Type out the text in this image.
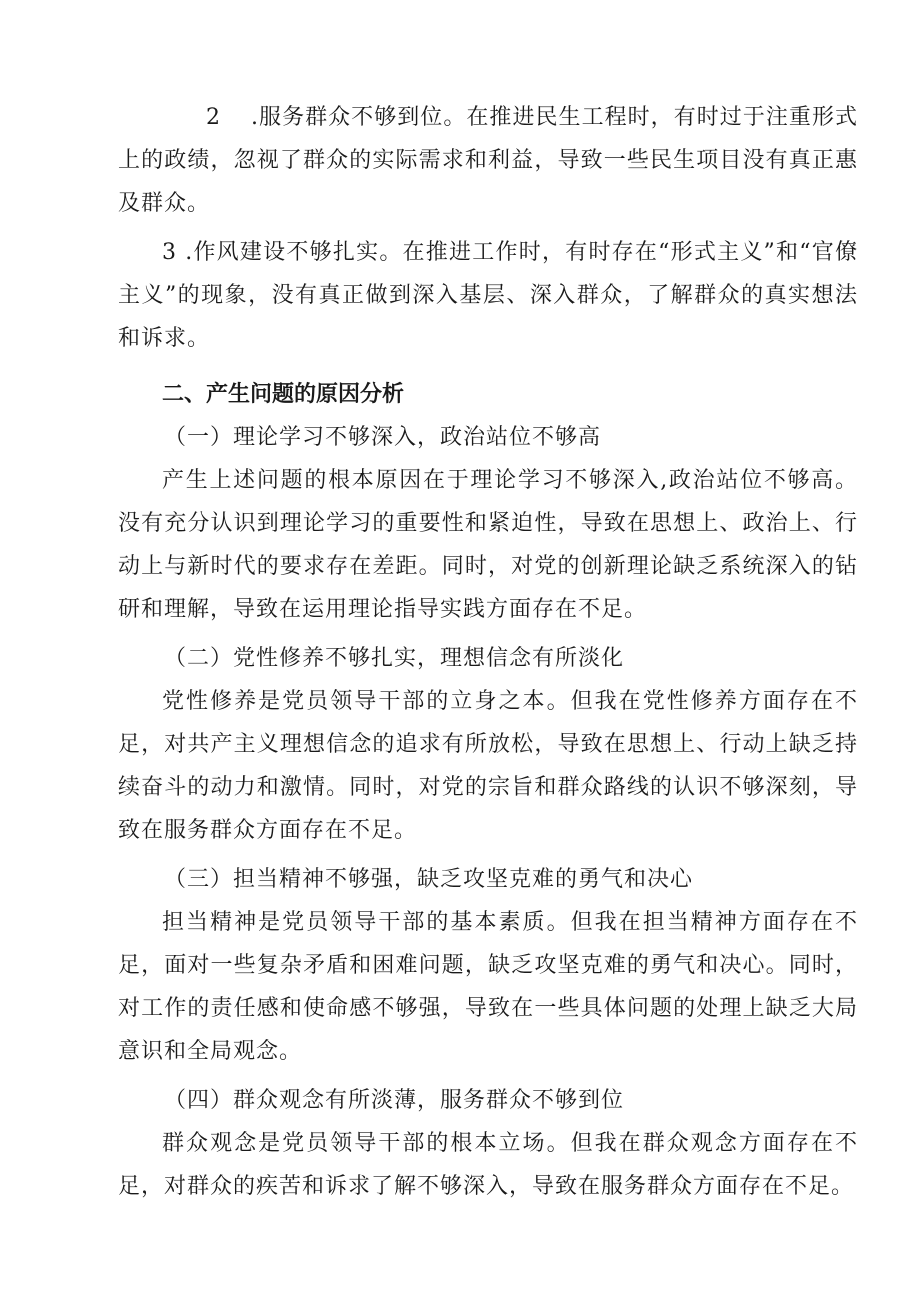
2 .服务群众不够到位。在推进民生工程时，有时过于注重形式上的政绩，忽视了群众的实际需求和利益，导致一些民生项目没有真正惠及群众。

3 .作风建设不够扎实。在推进工作时，有时存在“形式主义”和“官僚主义”的现象，没有真正做到深入基层、深入群众，了解群众的真实想法和诉求。

二、产生问题的原因分析

（一）理论学习不够深入，政治站位不够高

产生上述问题的根本原因在于理论学习不够深入,政治站位不够高。没有充分认识到理论学习的重要性和紧迫性，导致在思想上、政治上、行动上与新时代的要求存在差距。同时，对党的创新理论缺乏系统深入的钻研和理解，导致在运用理论指导实践方面存在不足。

（二）党性修养不够扎实，理想信念有所淡化

党性修养是党员领导干部的立身之本。但我在党性修养方面存在不足，对共产主义理想信念的追求有所放松，导致在思想上、行动上缺乏持续奋斗的动力和激情。同时，对党的宗旨和群众路线的认识不够深刻，导致在服务群众方面存在不足。

（三）担当精神不够强，缺乏攻坚克难的勇气和决心

担当精神是党员领导干部的基本素质。但我在担当精神方面存在不足，面对一些复杂矛盾和困难问题，缺乏攻坚克难的勇气和决心。同时，对工作的责任感和使命感不够强，导致在一些具体问题的处理上缺乏大局意识和全局观念。

（四）群众观念有所淡薄，服务群众不够到位

群众观念是党员领导干部的根本立场。但我在群众观念方面存在不足，对群众的疾苦和诉求了解不够深入，导致在服务群众方面存在不足。
